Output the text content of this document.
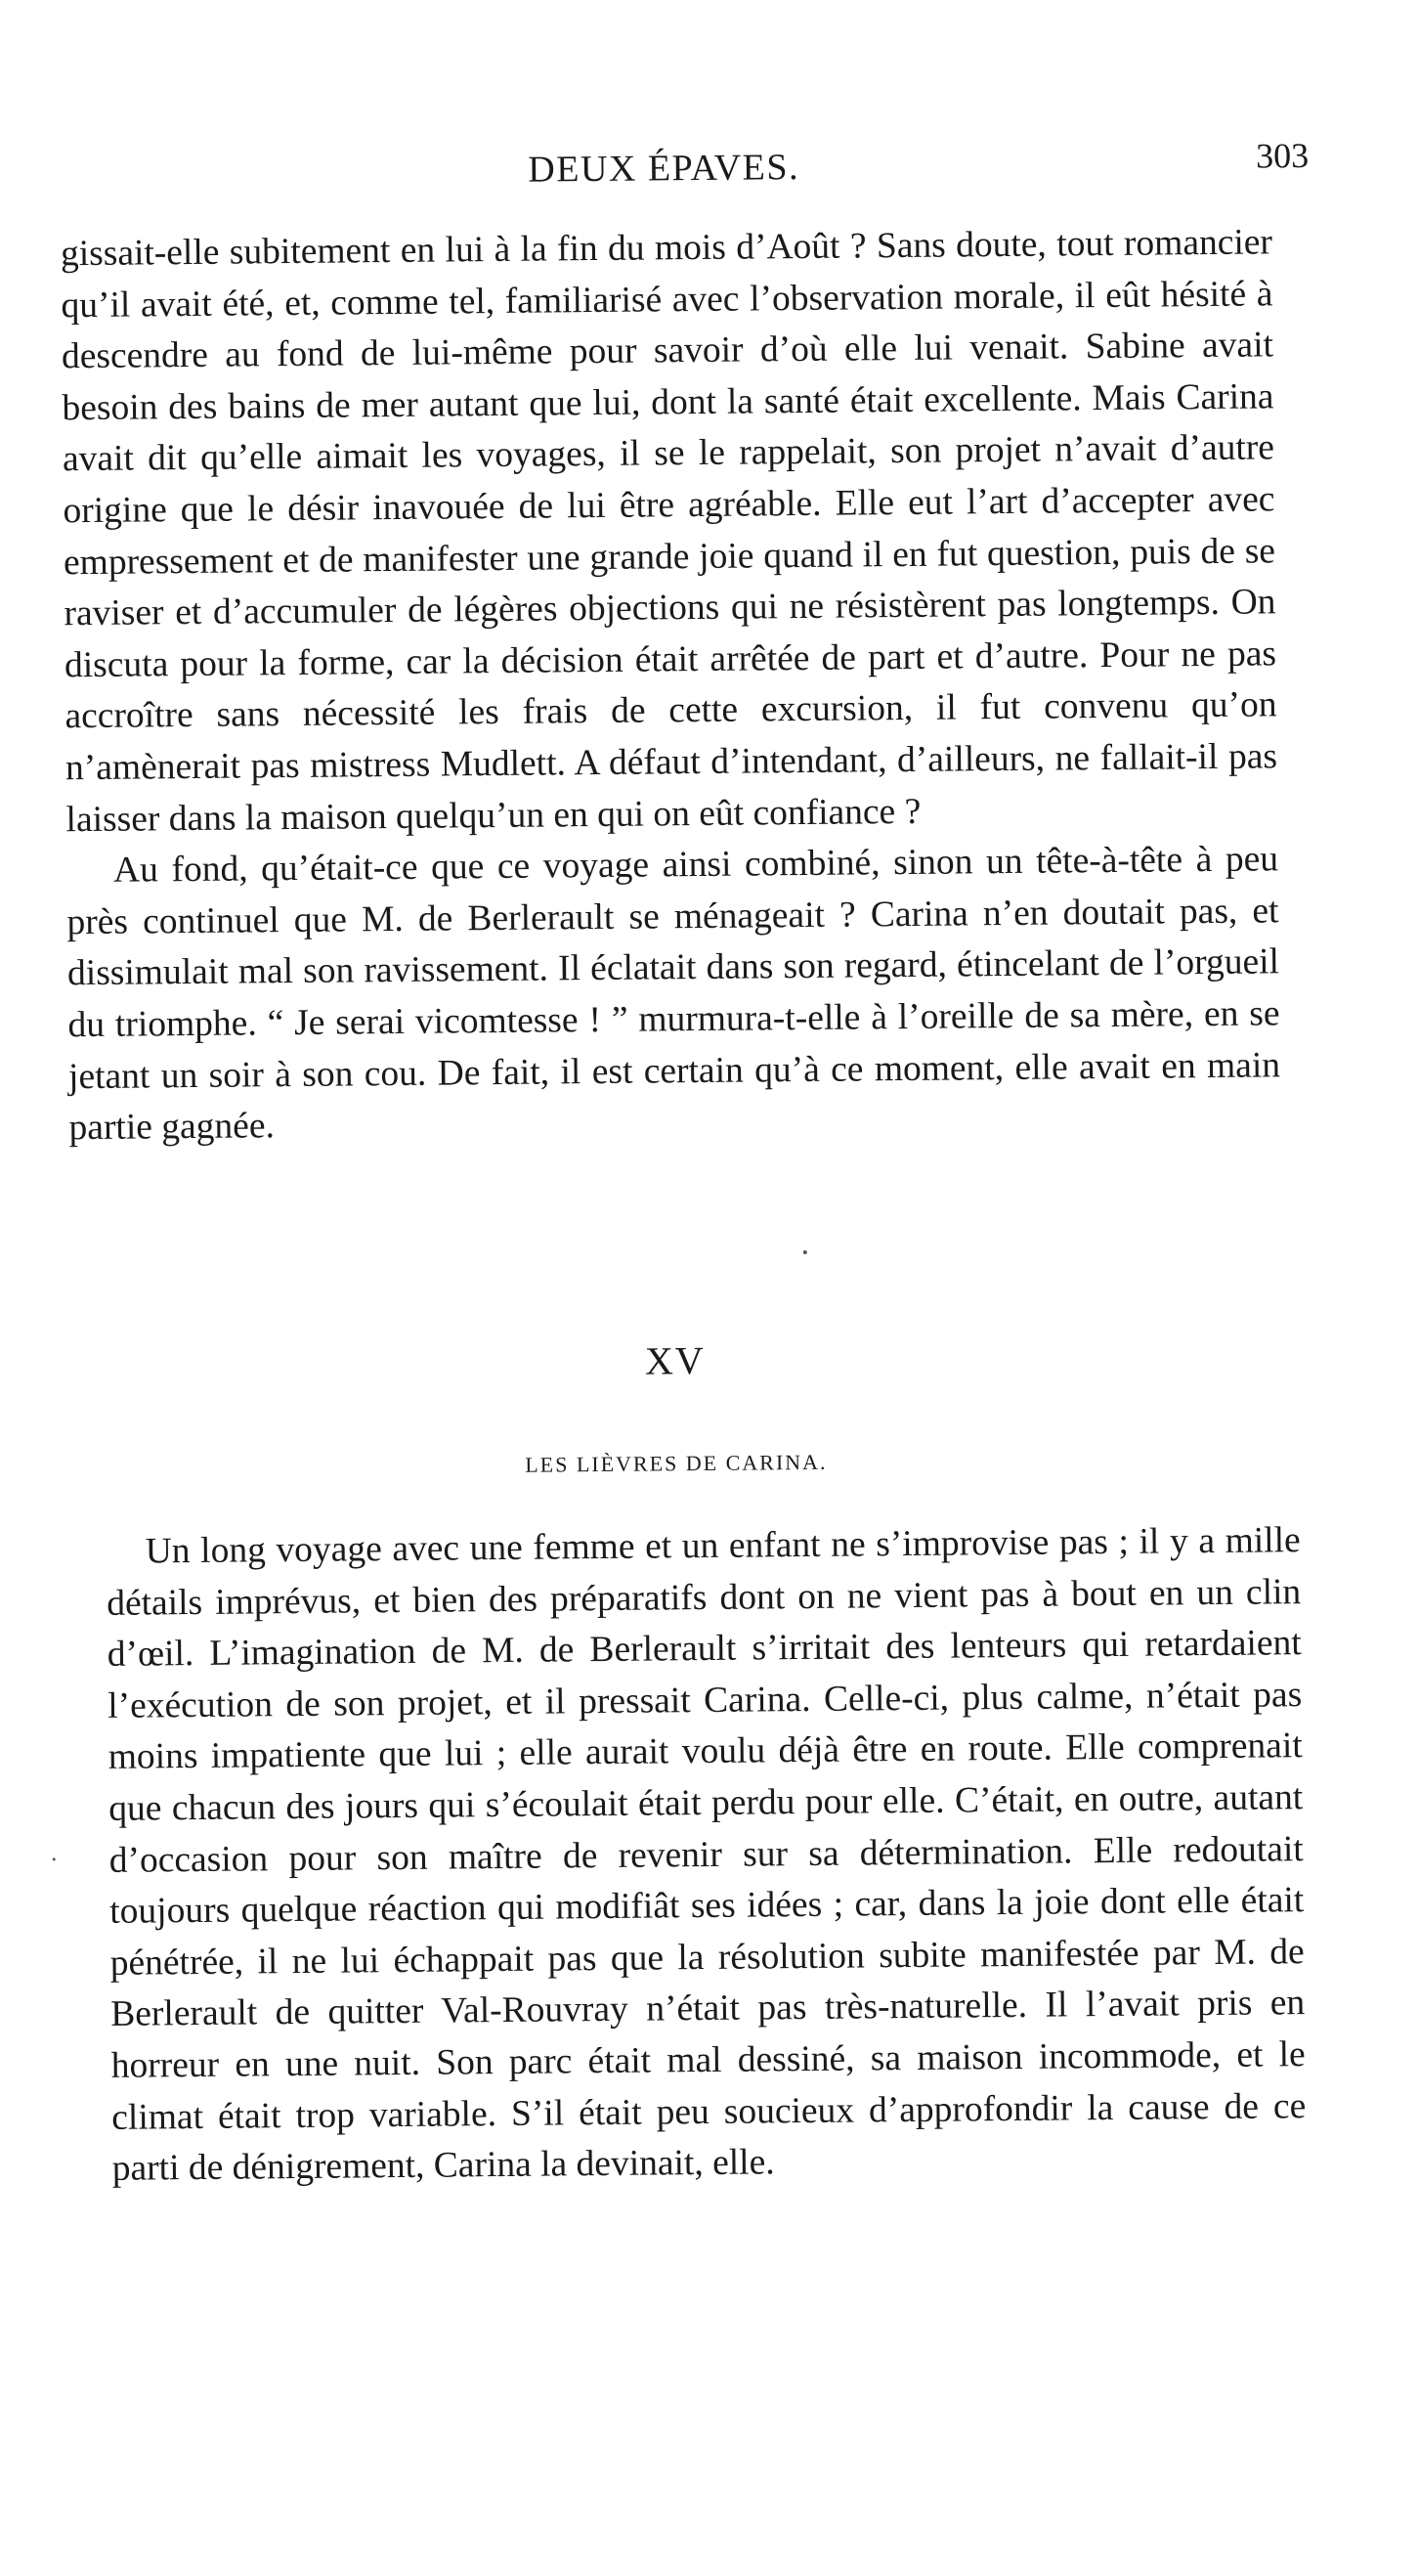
DEUX ÉPAVES.	303

gissait-elle subitement en lui à la fin du mois d’Août ? Sans doute, tout romancier qu’il avait été, et, comme tel, familiarisé avec l’observation morale, il eût hésité à descendre au fond de lui-même pour savoir d’où elle lui venait. Sabine avait besoin des bains de mer autant que lui, dont la santé était excellente. Mais Carina avait dit qu’elle aimait les voyages, il se le rappelait, son projet n’avait d’autre origine que le désir inavouée de lui être agréable. Elle eut l’art d’accepter avec empressement et de manifester une grande joie quand il en fut question, puis de se raviser et d’accumuler de légères objections qui ne résistèrent pas longtemps. On discuta pour la forme, car la décision était arrêtée de part et d’autre. Pour ne pas accroître sans nécessité les frais de cette excursion, il fut convenu qu’on n’amènerait pas mistress Mudlett. A défaut d’intendant, d’ailleurs, ne fallait-il pas laisser dans la maison quelqu’un en qui on eût confiance ?

Au fond, qu’était-ce que ce voyage ainsi combiné, sinon un tête-à-tête à peu près continuel que M. de Berlerault se ménageait ? Carina n’en doutait pas, et dissimulait mal son ravissement. Il éclatait dans son regard, étincelant de l’orgueil du triomphe. “ Je serai vicomtesse ! ” murmura-t-elle à l’oreille de sa mère, en se jetant un soir à son cou. De fait, il est certain qu’à ce moment, elle avait en main partie gagnée.

XV
LES LIÈVRES DE CARINA.

Un long voyage avec une femme et un enfant ne s’improvise pas ; il y a mille détails imprévus, et bien des préparatifs dont on ne vient pas à bout en un clin d’œil. L’imagination de M. de Berlerault s’irritait des lenteurs qui retardaient l’exécution de son projet, et il pressait Carina. Celle-ci, plus calme, n’était pas moins impatiente que lui ; elle aurait voulu déjà être en route. Elle comprenait que chacun des jours qui s’écoulait était perdu pour elle. C’était, en outre, autant d’occasion pour son maître de revenir sur sa détermination. Elle redoutait toujours quelque réaction qui modifiât ses idées ; car, dans la joie dont elle était pénétrée, il ne lui échappait pas que la résolution subite manifestée par M. de Berlerault de quitter Val-Rouvray n’était pas très-naturelle. Il l’avait pris en horreur en une nuit. Son parc était mal dessiné, sa maison incommode, et le climat était trop variable. S’il était peu soucieux d’approfondir la cause de ce parti de dénigrement, Carina la devinait, elle.
